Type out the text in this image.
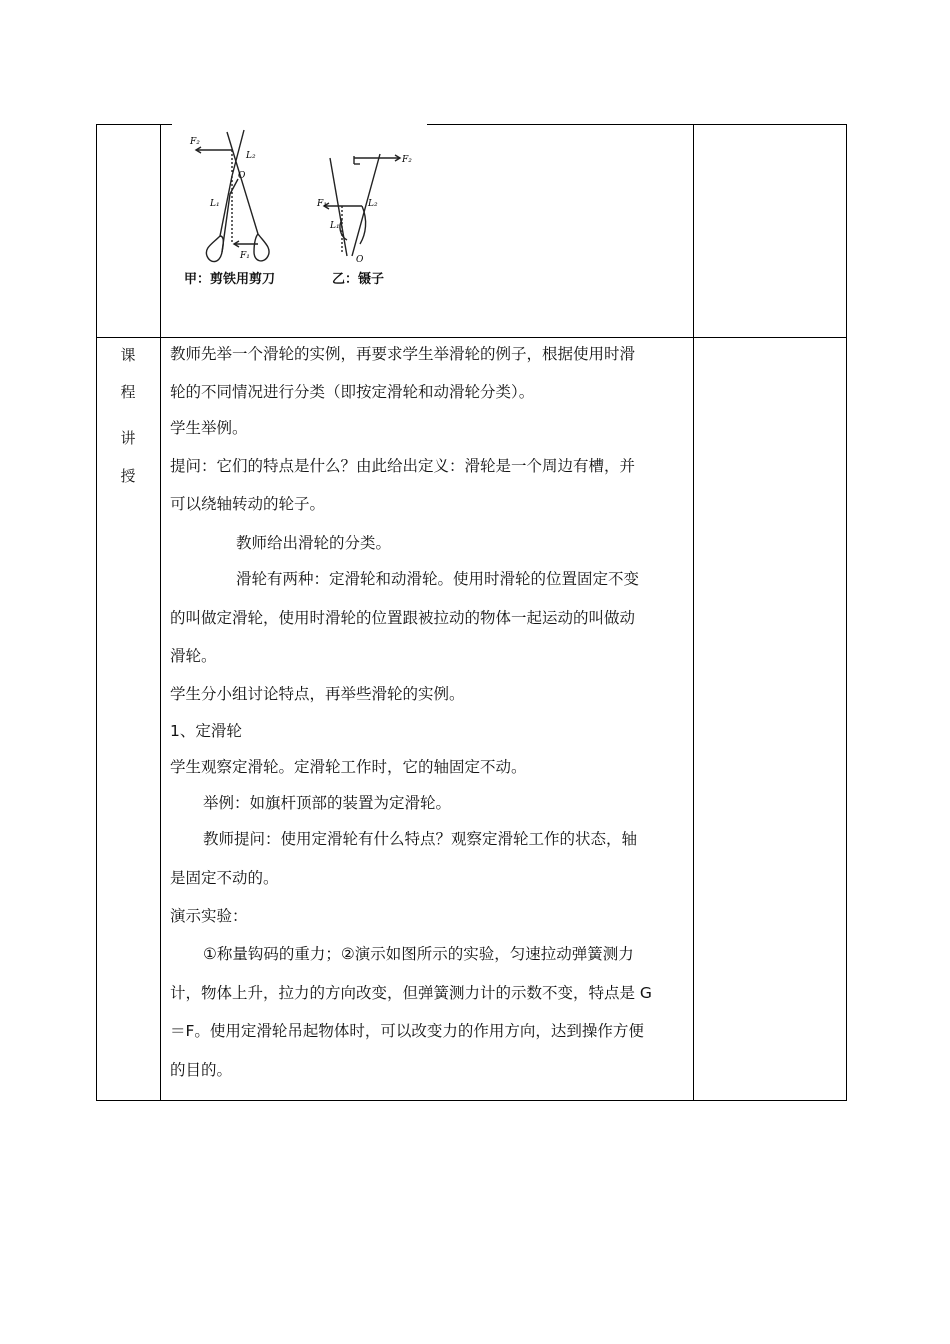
F₂
L₂
O
L₁
F₁
F₂
F₁	L₂
L₁
O
甲：剪铁用剪刀	乙：镊子
课
程
讲
授
教师先举一个滑轮的实例，再要求学生举滑轮的例子，根据使用时滑
轮的不同情况进行分类（即按定滑轮和动滑轮分类）。
学生举例。
提问：它们的特点是什么？由此给出定义：滑轮是一个周边有槽，并
可以绕轴转动的轮子。
教师给出滑轮的分类。
滑轮有两种：定滑轮和动滑轮。使用时滑轮的位置固定不变
的叫做定滑轮，使用时滑轮的位置跟被拉动的物体一起运动的叫做动
滑轮。
学生分小组讨论特点，再举些滑轮的实例。
1、定滑轮
学生观察定滑轮。定滑轮工作时，它的轴固定不动。
举例：如旗杆顶部的装置为定滑轮。
教师提问：使用定滑轮有什么特点？观察定滑轮工作的状态，轴
是固定不动的。
演示实验：
①称量钩码的重力；②演示如图所示的实验，匀速拉动弹簧测力
计，物体上升，拉力的方向改变，但弹簧测力计的示数不变，特点是 G
＝F。使用定滑轮吊起物体时，可以改变力的作用方向，达到操作方便
的目的。
